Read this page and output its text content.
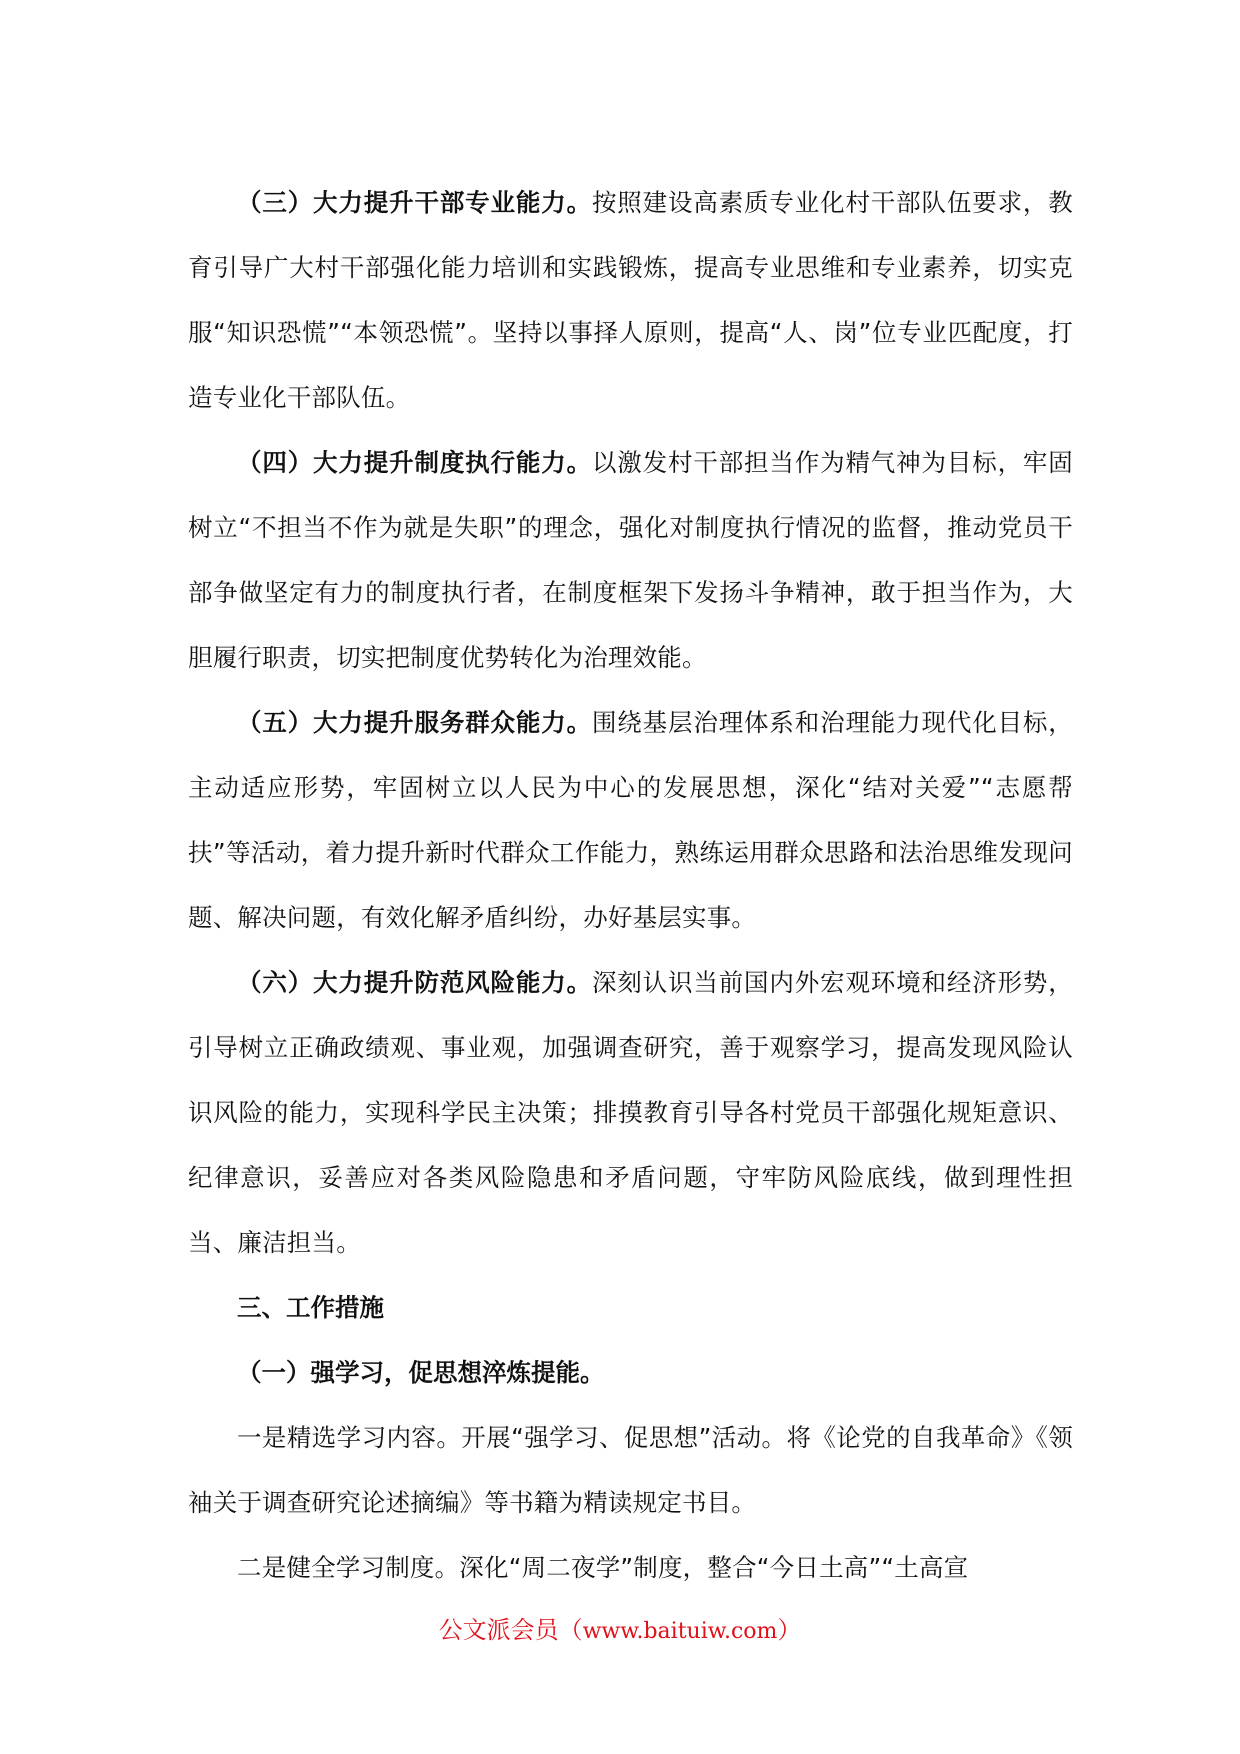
（三）大力提升干部专业能力。按照建设高素质专业化村干部队伍要求，教育引导广大村干部强化能力培训和实践锻炼，提高专业思维和专业素养，切实克服“知识恐慌”“本领恐慌”。坚持以事择人原则，提高“人、岗”位专业匹配度，打造专业化干部队伍。

（四）大力提升制度执行能力。以激发村干部担当作为精气神为目标，牢固树立“不担当不作为就是失职”的理念，强化对制度执行情况的监督，推动党员干部争做坚定有力的制度执行者，在制度框架下发扬斗争精神，敢于担当作为，大胆履行职责，切实把制度优势转化为治理效能。

（五）大力提升服务群众能力。围绕基层治理体系和治理能力现代化目标，主动适应形势，牢固树立以人民为中心的发展思想，深化“结对关爱”“志愿帮扶”等活动，着力提升新时代群众工作能力，熟练运用群众思路和法治思维发现问题、解决问题，有效化解矛盾纠纷，办好基层实事。

（六）大力提升防范风险能力。深刻认识当前国内外宏观环境和经济形势，引导树立正确政绩观、事业观，加强调查研究，善于观察学习，提高发现风险认识风险的能力，实现科学民主决策；排摸教育引导各村党员干部强化规矩意识、纪律意识，妥善应对各类风险隐患和矛盾问题，守牢防风险底线，做到理性担当、廉洁担当。

三、工作措施

（一）强学习，促思想淬炼提能。

一是精选学习内容。开展“强学习、促思想”活动。将《论党的自我革命》《领袖关于调查研究论述摘编》等书籍为精读规定书目。

二是健全学习制度。深化“周二夜学”制度，整合“今日土高”“土高宣

公文派会员（www.baituiw.com）
